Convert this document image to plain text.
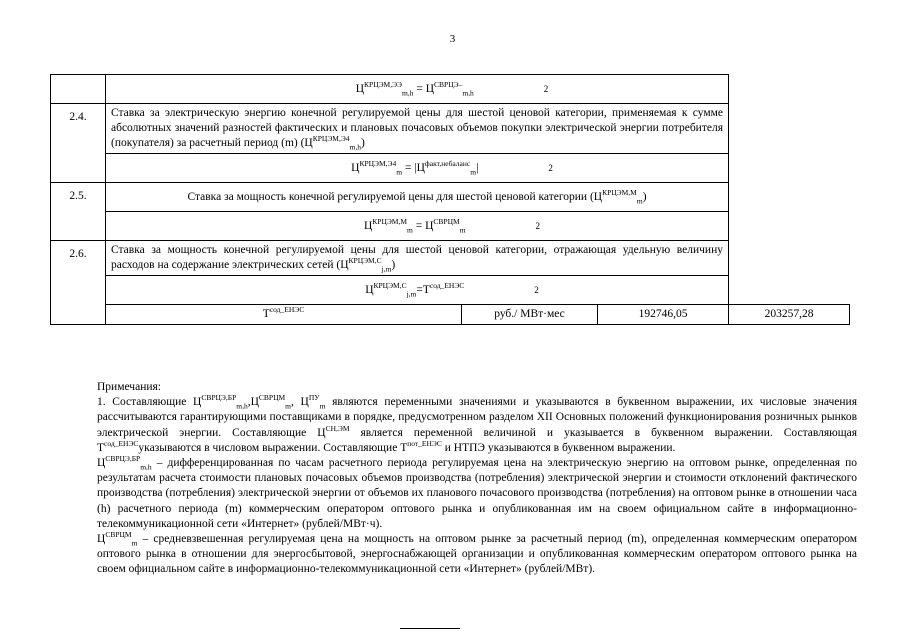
3
	$Ц^{КРЦЭМ,ЭЭ}_{m,h} = Ц^{СВРЦЭ-}_{m,h}$ 2			
2.4.	Ставка за электрическую энергию конечной регулируемой цены для шестой ценовой категории, применяемая к сумме абсолютных значений разностей фактических и плановых почасовых объемов покупки электрической энергии потребителя (покупателя) за расчетный период (m) $(Ц^{КРЦЭМ,Э4}_{m,h})$			
	$Ц^{КРЦЭМ,Э4}_m = |Ц^{факт,небаланс}_m|$ 2			
2.5.	Ставка за мощность конечной регулируемой цены для шестой ценовой категории $(Ц^{КРЦЭМ,М}_m)$			
	$Ц^{КРЦЭМ,М}_m = Ц^{СВРЦМ}_m$ 2			
2.6.	Ставка за мощность конечной регулируемой цены для шестой ценовой категории, отражающая удельную величину расходов на содержание электрических сетей $(Ц^{КРЦЭМ,С}_{j,m})$			
	$Ц^{КРЦЭМ,С}_{j,m}=Т^{сод\_ЕНЭС}$ 2			
	$Т^{сод\_ЕНЭС}$	руб./ МВт·мес	192746,05	203257,28

Примечания:

1. Составляющие $Ц^{СВРЦЭ,БР}_{m,h},Ц^{СВРЦМ}_m$, $Ц^{ПУ}_m$ являются переменными значениями и указываются в буквенном выражении, их числовые значения рассчитываются гарантирующими поставщиками в порядке, предусмотренном разделом XII Основных положений функционирования розничных рынков электрической энергии. Составляющие $Ц^{СН,ЭМ}$ является переменной величиной и указывается в буквенном выражении. Составляющая $Т^{сод\_ЕНЭС}указываются$ в числовом выражении. Составляющие $Т^{пот\_ЕНЭС}$ и НТПЭ указываются в буквенном выражении.

$Ц^{СВРЦЭ,БР}_{m,h}$ – дифференцированная по часам расчетного периода регулируемая цена на электрическую энергию на оптовом рынке, определенная по результатам расчета стоимости плановых почасовых объемов производства (потребления) электрической энергии и стоимости отклонений фактического производства (потребления) электрической энергии от объемов их планового почасового производства (потребления) на оптовом рынке в отношении часа (h) расчетного периода (m) коммерческим оператором оптового рынка и опубликованная им на своем официальном сайте в информационно-телекоммуникационной сети «Интернет» (рублей/МВт·ч).

$Ц^{СВРЦМ}_m$ – средневзвешенная регулируемая цена на мощность на оптовом рынке за расчетный период (m), определенная коммерческим оператором оптового рынка в отношении для энергосбытовой, энергоснабжающей организации и опубликованная коммерческим оператором оптового рынка на своем официальном сайте в информационно-телекоммуникационной сети «Интернет» (рублей/МВт).
